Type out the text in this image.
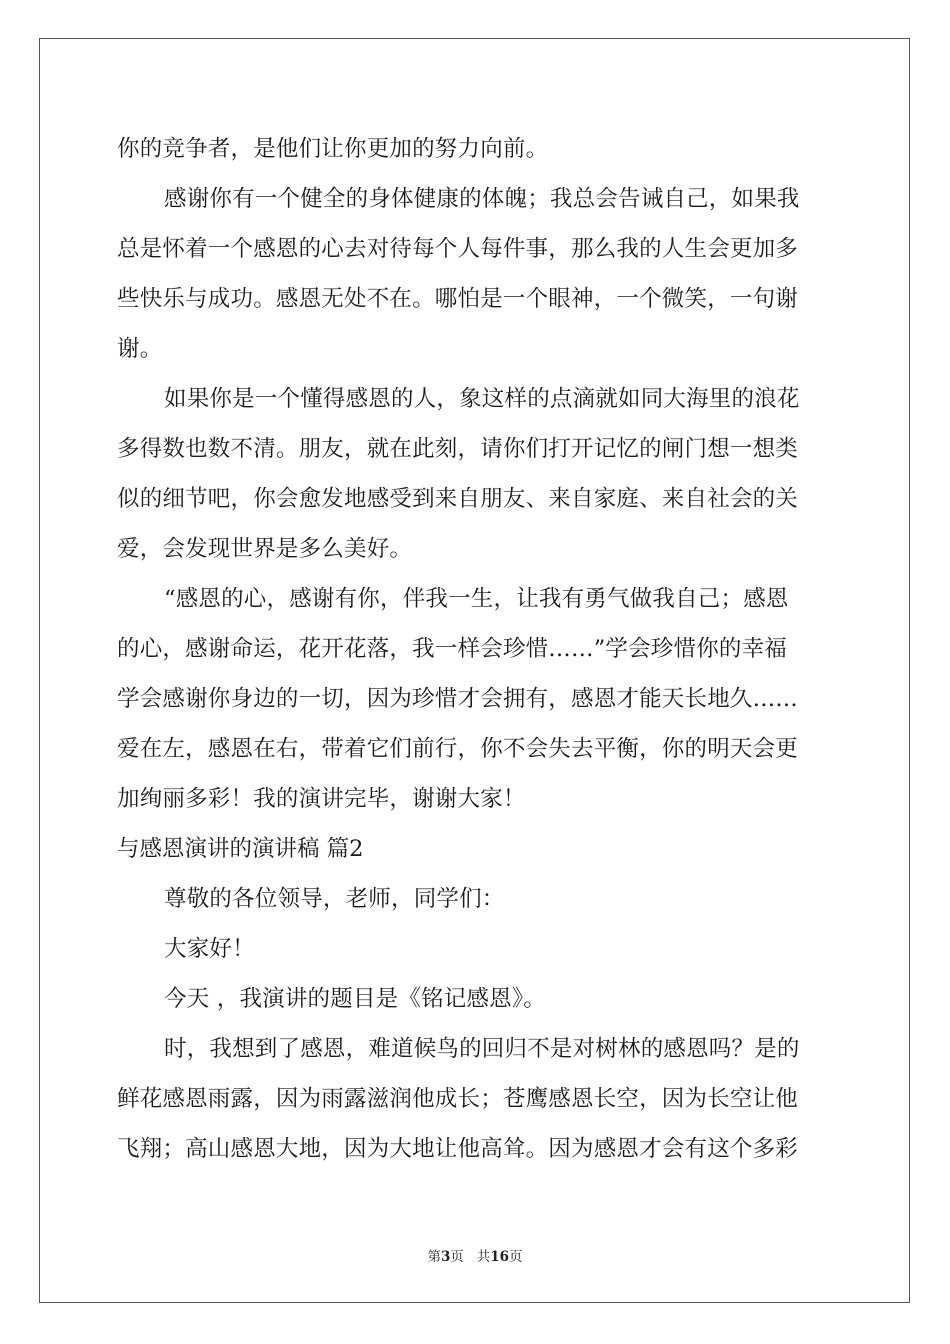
你的竞争者，是他们让你更加的努力向前。
感谢你有一个健全的身体健康的体魄；我总会告诫自己，如果我
总是怀着一个感恩的心去对待每个人每件事，那么我的人生会更加多
些快乐与成功。感恩无处不在。哪怕是一个眼神，一个微笑，一句谢
谢。
如果你是一个懂得感恩的人，象这样的点滴就如同大海里的浪花
多得数也数不清。朋友，就在此刻，请你们打开记忆的闸门想一想类
似的细节吧，你会愈发地感受到来自朋友、来自家庭、来自社会的关
爱，会发现世界是多么美好。
“感恩的心，感谢有你，伴我一生，让我有勇气做我自己；感恩
的心，感谢命运，花开花落，我一样会珍惜……”学会珍惜你的幸福
学会感谢你身边的一切，因为珍惜才会拥有，感恩才能天长地久……
爱在左，感恩在右，带着它们前行，你不会失去平衡，你的明天会更
加绚丽多彩！我的演讲完毕，谢谢大家！
与感恩演讲的演讲稿 篇2
尊敬的各位领导，老师，同学们：
大家好！
今天 ，我演讲的题目是《铭记感恩》。
时，我想到了感恩，难道候鸟的回归不是对树林的感恩吗？是的
鲜花感恩雨露，因为雨露滋润他成长；苍鹰感恩长空，因为长空让他
飞翔；高山感恩大地，因为大地让他高耸。因为感恩才会有这个多彩
第3页 共16页
